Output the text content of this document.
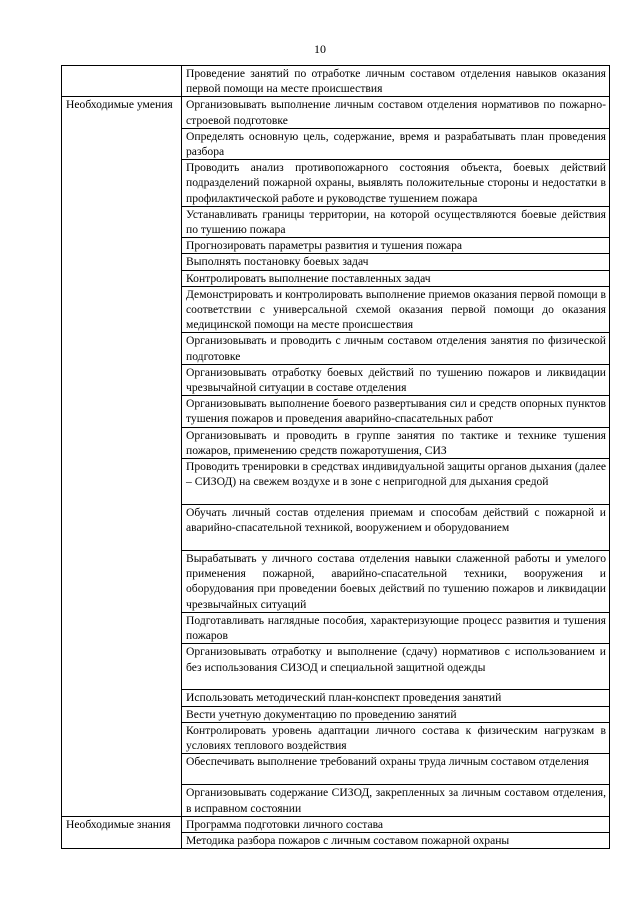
10
	Проведение занятий по отработке личным составом отделения навыков оказания первой помощи на месте происшествия
Необходимые умения	Организовывать выполнение личным составом отделения нормативов по пожарно-строевой подготовке
	Определять основную цель, содержание, время и разрабатывать план проведения разбора
	Проводить анализ противопожарного состояния объекта, боевых действий подразделений пожарной охраны, выявлять положительные стороны и недостатки в профилактической работе и руководстве тушением пожара
	Устанавливать границы территории, на которой осуществляются боевые действия по тушению пожара
	Прогнозировать параметры развития и тушения пожара
	Выполнять постановку боевых задач
	Контролировать выполнение поставленных задач
	Демонстрировать и контролировать выполнение приемов оказания первой помощи в соответствии с универсальной схемой оказания первой помощи до оказания медицинской помощи на месте происшествия
	Организовывать и проводить с личным составом отделения занятия по физической подготовке
	Организовывать отработку боевых действий по тушению пожаров и ликвидации чрезвычайной ситуации в составе отделения
	Организовывать выполнение боевого развертывания сил и средств опорных пунктов тушения пожаров и проведения аварийно-спасательных работ
	Организовывать и проводить в группе занятия по тактике и технике тушения пожаров, применению средств пожаротушения, СИЗ
	Проводить тренировки в средствах индивидуальной защиты органов дыхания (далее – СИЗОД) на свежем воздухе и в зоне с непригодной для дыхания средой
	Обучать личный состав отделения приемам и способам действий с пожарной и аварийно-спасательной техникой, вооружением и оборудованием
	Вырабатывать у личного состава отделения навыки слаженной работы и умелого применения пожарной, аварийно-спасательной техники, вооружения и оборудования при проведении боевых действий по тушению пожаров и ликвидации чрезвычайных ситуаций
	Подготавливать наглядные пособия, характеризующие процесс развития и тушения пожаров
	Организовывать отработку и выполнение (сдачу) нормативов с использованием и без использования СИЗОД и специальной защитной одежды
	Использовать методический план-конспект проведения занятий
	Вести учетную документацию по проведению занятий
	Контролировать уровень адаптации личного состава к физическим нагрузкам в условиях теплового воздействия
	Обеспечивать выполнение требований охраны труда личным составом отделения
	Организовывать содержание СИЗОД, закрепленных за личным составом отделения, в исправном состоянии
Необходимые знания	Программа подготовки личного состава
	Методика разбора пожаров с личным составом пожарной охраны
